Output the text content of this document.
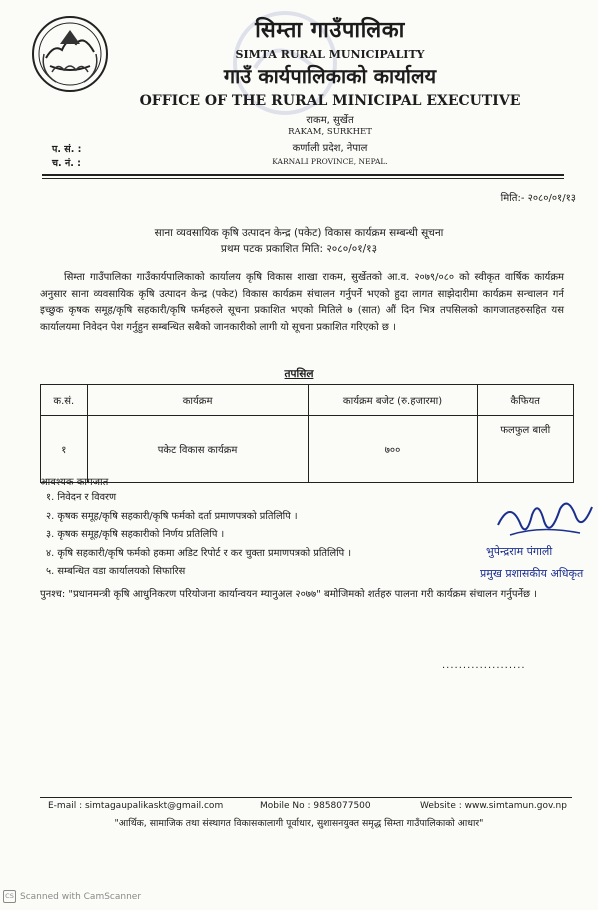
सिम्ता गाउँपालिका
SIMTA RURAL MUNICIPALITY
गाउँ कार्यपालिकाको कार्यालय
OFFICE OF THE RURAL MINICIPAL EXECUTIVE
राकम, सुर्खेत
RAKAM, SURKHET
कर्णाली प्रदेश, नेपाल
KARNALI PROVINCE, NEPAL.
प. सं. :
च. नं. :
मिति:- २०८०/०१/१३
साना व्यवसायिक कृषि उत्पादन केन्द्र (पकेट) विकास कार्यक्रम सम्बन्धी सूचना
प्रथम पटक प्रकाशित मिति: २०८०/०१/१३
सिम्ता गाउँपालिका गाउँकार्यपालिकाको कार्यालय कृषि विकास शाखा राकम, सुर्खेतको आ.व. २०७९/०८० को स्वीकृत वार्षिक कार्यक्रम अनुसार साना व्यवसायिक कृषि उत्पादन केन्द्र (पकेट) विकास कार्यक्रम संचालन गर्नुपर्ने भएको हुदा लागत साझेदारीमा कार्यक्रम सन्चालन गर्न इच्छुक कृषक समूह/कृषि सहकारी/कृषि फर्महरुले सूचना प्रकाशित भएको मितिले ७ (सात) औं दिन भित्र तपसिलको कागजातहरुसहित यस कार्यालयमा निवेदन पेश गर्नुहुन सम्बन्धित सबैको जानकारीको लागी यो सूचना प्रकाशित गरिएको छ ।
तपसिल
क.सं.	कार्यक्रम	कार्यक्रम बजेट (रु.हजारमा)	कैफियत
१	पकेट विकास कार्यक्रम	७००	फलफुल बाली
आवश्यक कागजात
१. निवेदन र विवरण
२. कृषक समूह/कृषि सहकारी/कृषि फर्मको दर्ता प्रमाणपत्रको प्रतिलिपि ।
३. कृषक समूह/कृषि सहकारीको निर्णय प्रतिलिपि ।
४. कृषि सहकारी/कृषि फर्मको हकमा अडिट रिपोर्ट र कर चुक्ता प्रमाणपत्रको प्रतिलिपि ।
५. सम्बन्धित वडा कार्यालयको सिफारिस
भुपेन्द्रराम पंगाली
प्रमुख प्रशासकीय अधिकृत
पुनश्च: "प्रधानमन्त्री कृषि आधुनिकरण परियोजना कार्यान्वयन म्यानुअल २०७७" बमोजिमको शर्तहरु पालना गरी कार्यक्रम संचालन गर्नुपर्नेछ ।
....................
E-mail : simtagaupalikaskt@gmail.com	Mobile No : 9858077500	Website : www.simtamun.gov.np
"आर्थिक, सामाजिक तथा संस्थागत विकासकालागी पूर्वाधार, सुशासनयुक्त समृद्ध सिम्ता गाउँपालिकाको आधार"
CS Scanned with CamScanner
